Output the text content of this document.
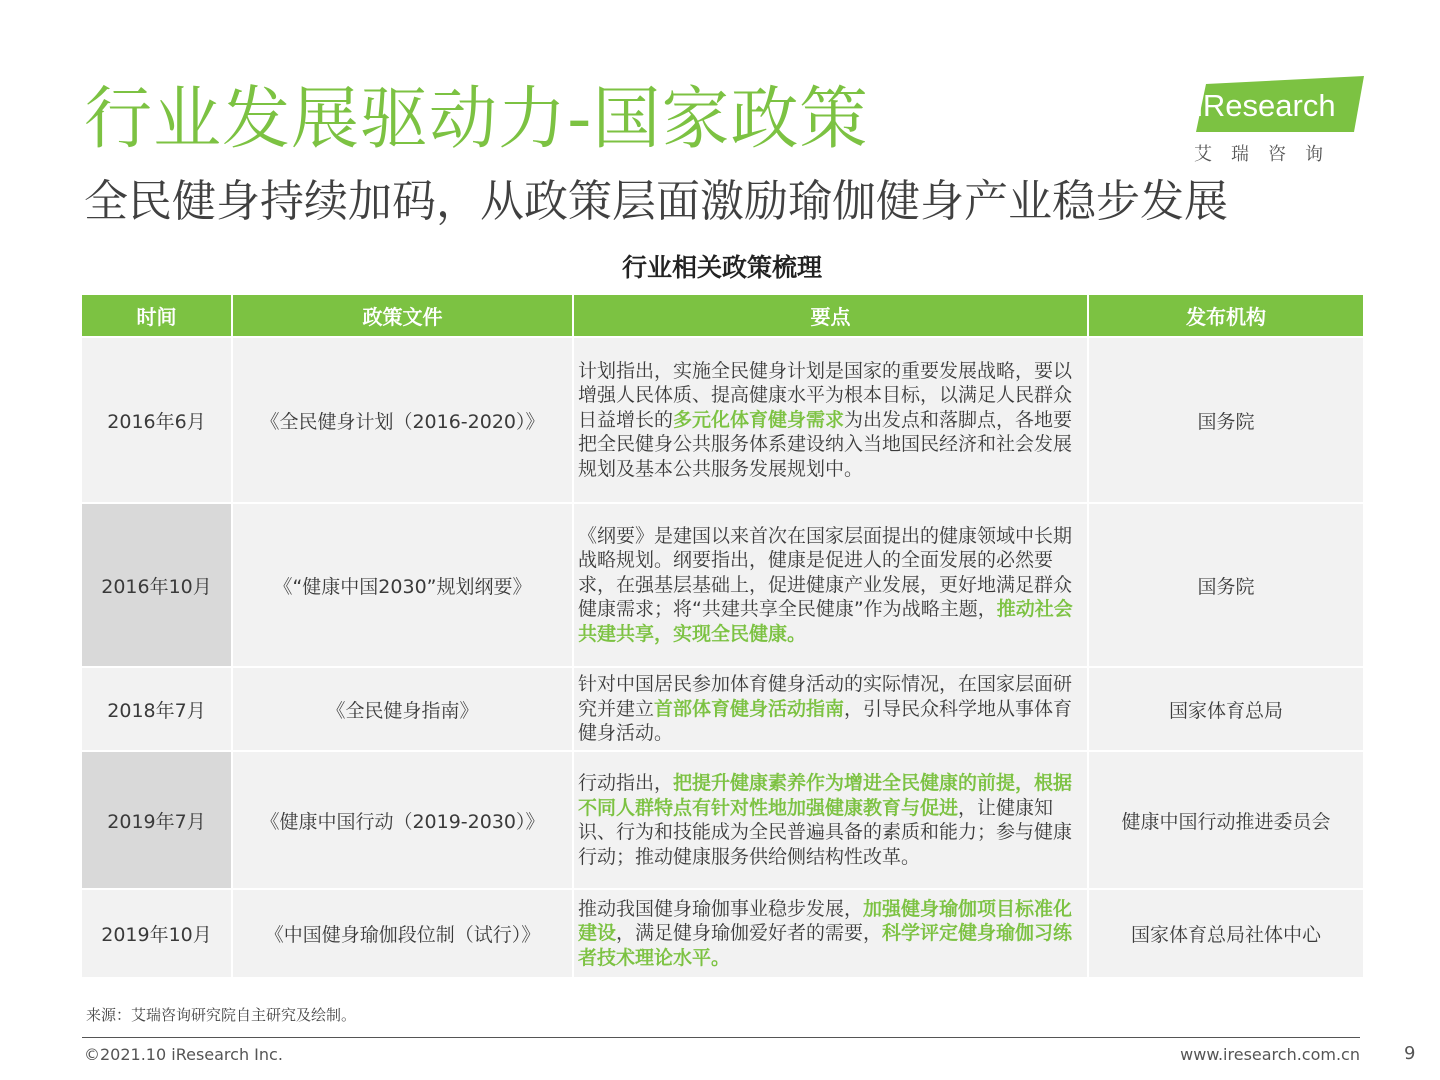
行业发展驱动力-国家政策
全民健身持续加码，从政策层面激励瑜伽健身产业稳步发展
iResearch
艾瑞咨询
行业相关政策梳理
时间	政策文件	要点	发布机构
2016年6月	《全民健身计划（2016-2020）》	计划指出，实施全民健身计划是国家的重要发展战略，要以增强人民体质、提高健康水平为根本目标，以满足人民群众日益增长的多元化体育健身需求为出发点和落脚点，各地要把全民健身公共服务体系建设纳入当地国民经济和社会发展规划及基本公共服务发展规划中。	国务院
2016年10月	《“健康中国2030”规划纲要》	《纲要》是建国以来首次在国家层面提出的健康领域中长期战略规划。纲要指出，健康是促进人的全面发展的必然要求，在强基层基础上，促进健康产业发展，更好地满足群众健康需求；将“共建共享全民健康”作为战略主题，推动社会共建共享，实现全民健康。	国务院
2018年7月	《全民健身指南》	针对中国居民参加体育健身活动的实际情况，在国家层面研究并建立首部体育健身活动指南，引导民众科学地从事体育健身活动。	国家体育总局
2019年7月	《健康中国行动（2019-2030）》	行动指出，把提升健康素养作为增进全民健康的前提，根据不同人群特点有针对性地加强健康教育与促进，让健康知识、行为和技能成为全民普遍具备的素质和能力；参与健康行动；推动健康服务供给侧结构性改革。	健康中国行动推进委员会
2019年10月	《中国健身瑜伽段位制（试行）》	推动我国健身瑜伽事业稳步发展，加强健身瑜伽项目标准化建设，满足健身瑜伽爱好者的需要，科学评定健身瑜伽习练者技术理论水平。	国家体育总局社体中心
来源：艾瑞咨询研究院自主研究及绘制。
©2021.10 iResearch Inc.	www.iresearch.com.cn 9
